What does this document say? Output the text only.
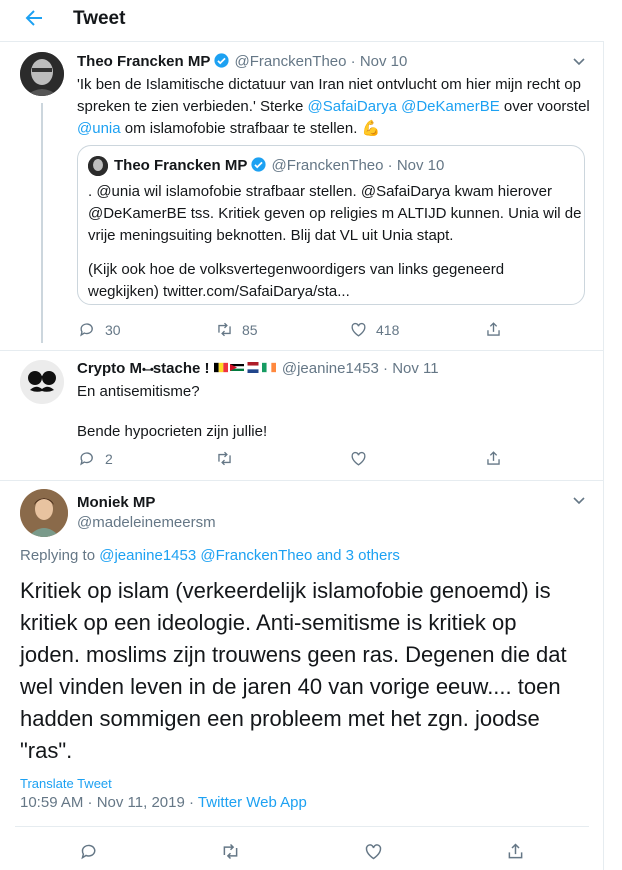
Tweet
Theo Francken MP @FranckenTheo · Nov 10
'Ik ben de Islamitische dictatuur van Iran niet ontvlucht om hier mijn recht op
spreken te zien verbieden.' Sterke @SafaiDarya @DeKamerBE over voorstel
@unia om islamofobie strafbaar te stellen. 💪
Theo Francken MP @FranckenTheo · Nov 10
. @unia wil islamofobie strafbaar stellen. @SafaiDarya kwam hierover
@DeKamerBE tss. Kritiek geven op religies m ALTIJD kunnen. Unia wil de
vrije meningsuiting beknotten. Blij dat VL uit Unia stapt.
(Kijk ook hoe de volksvertegenwoordigers van links gegeneerd
wegkijken) twitter.com/SafaiDarya/sta...
30	85	418
Crypto M•‒•stache !	@jeanine1453 · Nov 11
En antisemitisme?
Bende hypocrieten zijn jullie!
2
Moniek MP
@madeleinemeersm
Replying to @jeanine1453 @FranckenTheo and 3 others
Kritiek op islam (verkeerdelijk islamofobie genoemd) is
kritiek op een ideologie. Anti-semitisme is kritiek op
joden. moslims zijn trouwens geen ras. Degenen die dat
wel vinden leven in de jaren 40 van vorige eeuw.... toen
hadden sommigen een probleem met het zgn. joodse
"ras".
Translate Tweet
10:59 AM · Nov 11, 2019 · Twitter Web App
